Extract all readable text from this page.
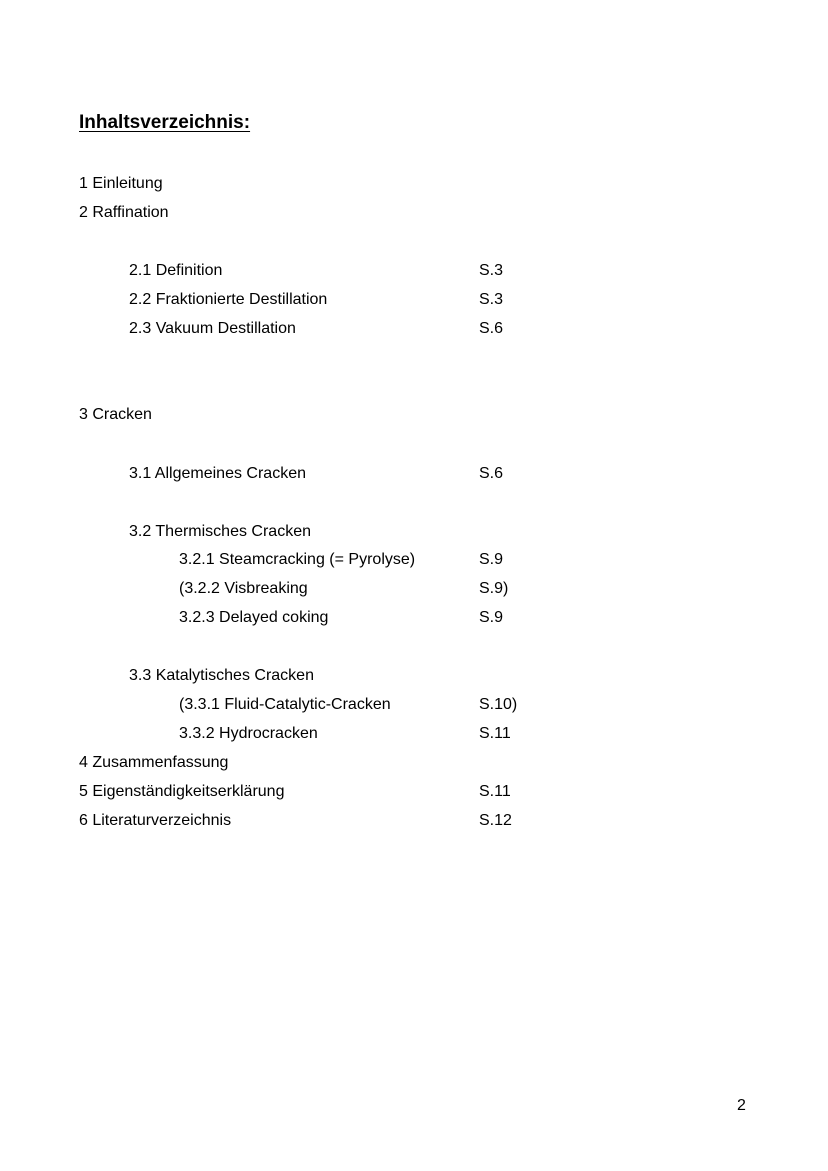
Inhaltsverzeichnis:
1 Einleitung
2 Raffination
2.1 Definition	S.3
2.2 Fraktionierte Destillation	S.3
2.3 Vakuum Destillation	S.6
3 Cracken
3.1 Allgemeines Cracken	S.6
3.2 Thermisches Cracken
3.2.1 Steamcracking (= Pyrolyse)	S.9
(3.2.2 Visbreaking	S.9)
3.2.3 Delayed coking	S.9
3.3 Katalytisches Cracken
(3.3.1 Fluid-Catalytic-Cracken	S.10)
3.3.2 Hydrocracken	S.11
4 Zusammenfassung
5 Eigenständigkeitserklärung	S.11
6 Literaturverzeichnis	S.12
2
